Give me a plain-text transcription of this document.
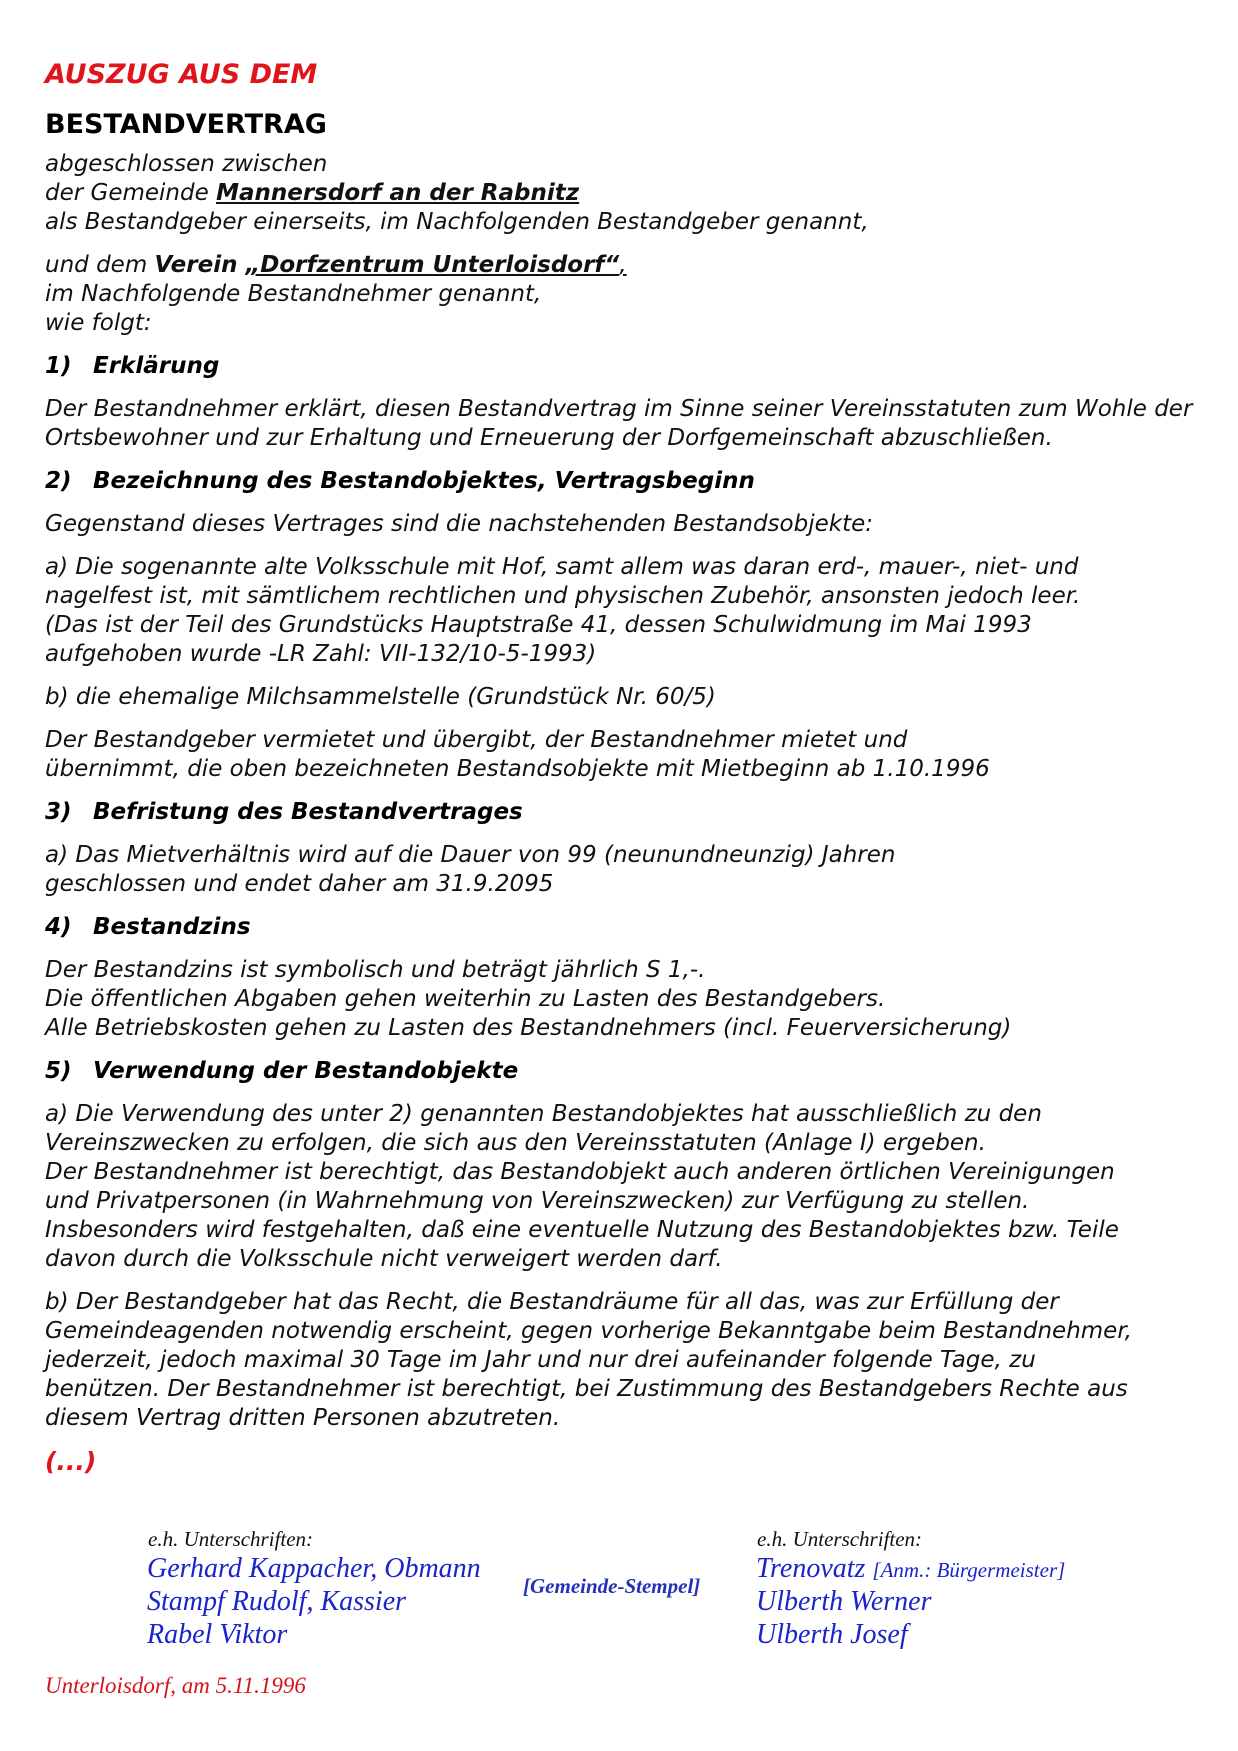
AUSZUG AUS DEM
BESTANDVERTRAG

abgeschlossen zwischen
der Gemeinde Mannersdorf an der Rabnitz
als Bestandgeber einerseits, im Nachfolgenden Bestandgeber genannt,

und dem Verein „Dorfzentrum Unterloisdorf“,
im Nachfolgende Bestandnehmer genannt,
wie folgt:

1) Erklärung

Der Bestandnehmer erklärt, diesen Bestandvertrag im Sinne seiner Vereinsstatuten zum Wohle der Ortsbewohner und zur Erhaltung und Erneuerung der Dorfgemeinschaft abzuschließen.

2) Bezeichnung des Bestandobjektes, Vertragsbeginn

Gegenstand dieses Vertrages sind die nachstehenden Bestandsobjekte:

a) Die sogenannte alte Volksschule mit Hof, samt allem was daran erd-, mauer-, niet- und
nagelfest ist, mit sämtlichem rechtlichen und physischen Zubehör, ansonsten jedoch leer.
(Das ist der Teil des Grundstücks Hauptstraße 41, dessen Schulwidmung im Mai 1993
aufgehoben wurde -LR Zahl: VII-132/10-5-1993)

b) die ehemalige Milchsammelstelle (Grundstück Nr. 60/5)

Der Bestandgeber vermietet und übergibt, der Bestandnehmer mietet und
übernimmt, die oben bezeichneten Bestandsobjekte mit Mietbeginn ab 1.10.1996

3) Befristung des Bestandvertrages

a) Das Mietverhältnis wird auf die Dauer von 99 (neunundneunzig) Jahren
geschlossen und endet daher am 31.9.2095

4) Bestandzins

Der Bestandzins ist symbolisch und beträgt jährlich S 1,-.
Die öffentlichen Abgaben gehen weiterhin zu Lasten des Bestandgebers.
Alle Betriebskosten gehen zu Lasten des Bestandnehmers (incl. Feuerversicherung)

5) Verwendung der Bestandobjekte

a) Die Verwendung des unter 2) genannten Bestandobjektes hat ausschließlich zu den
Vereinszwecken zu erfolgen, die sich aus den Vereinsstatuten (Anlage I) ergeben.
Der Bestandnehmer ist berechtigt, das Bestandobjekt auch anderen örtlichen Vereinigungen
und Privatpersonen (in Wahrnehmung von Vereinszwecken) zur Verfügung zu stellen.
Insbesonders wird festgehalten, daß eine eventuelle Nutzung des Bestandobjektes bzw. Teile
davon durch die Volksschule nicht verweigert werden darf.

b) Der Bestandgeber hat das Recht, die Bestandräume für all das, was zur Erfüllung der
Gemeindeagenden notwendig erscheint, gegen vorherige Bekanntgabe beim Bestandnehmer,
jederzeit, jedoch maximal 30 Tage im Jahr und nur drei aufeinander folgende Tage, zu
benützen. Der Bestandnehmer ist berechtigt, bei Zustimmung des Bestandgebers Rechte aus
diesem Vertrag dritten Personen abzutreten.

(...)
e.h. Unterschriften:
Gerhard Kappacher, Obmann
Stampf Rudolf, Kassier
Rabel Viktor
[Gemeinde-Stempel]
e.h. Unterschriften:
Trenovatz [Anm.: Bürgermeister]
Ulberth Werner
Ulberth Josef
Unterloisdorf, am 5.11.1996
